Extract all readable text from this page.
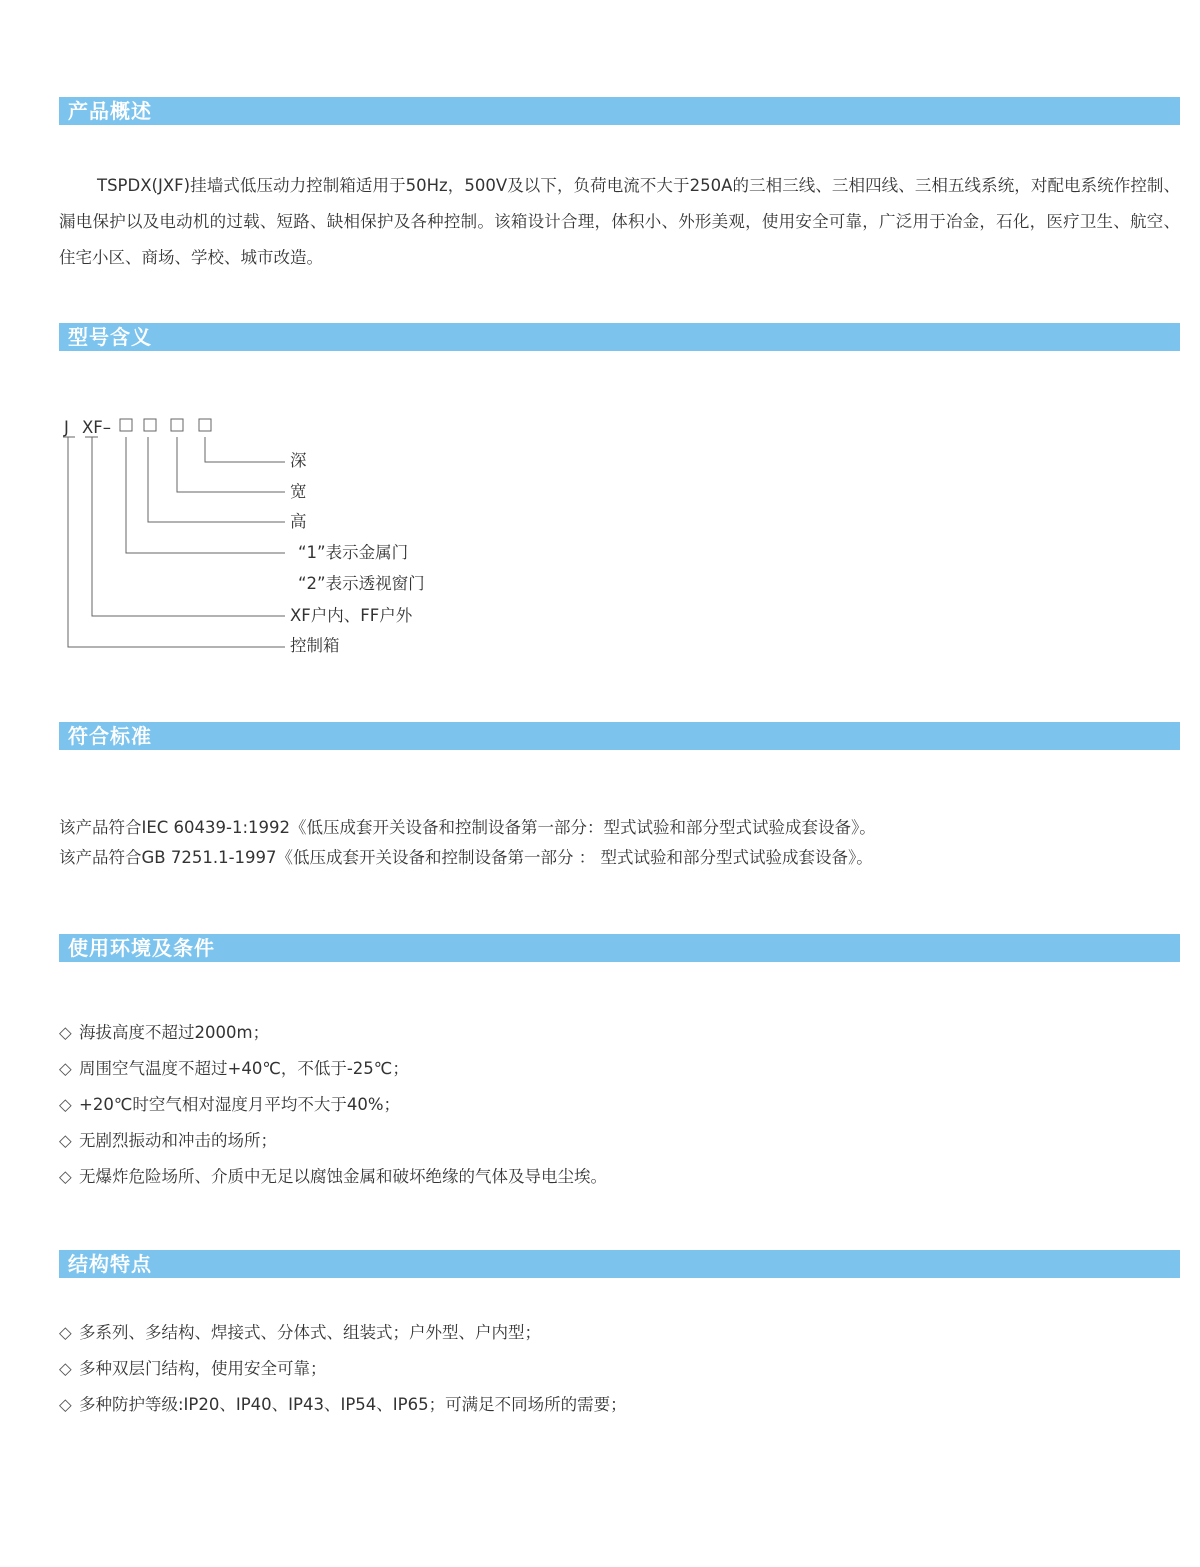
产品概述
TSPDX(JXF)挂墙式低压动力控制箱适用于50Hz，500V及以下，负荷电流不大于250A的三相三线、三相四线、三相五线系统，对配电系统作控制、漏电保护以及电动机的过载、短路、缺相保护及各种控制。该箱设计合理，体积小、外形美观，使用安全可靠，广泛用于冶金，石化，医疗卫生、航空、住宅小区、商场、学校、城市改造。
型号含义
J XF–
深
宽
高
“1”表示金属门
“2”表示透视窗门
XF户内、FF户外
控制箱
符合标准
该产品符合IEC 60439-1:1992《低压成套开关设备和控制设备第一部分：型式试验和部分型式试验成套设备》。
该产品符合GB 7251.1-1997《低压成套开关设备和控制设备第一部分 ： 型式试验和部分型式试验成套设备》。
使用环境及条件
◇ 海拔高度不超过2000m；
◇ 周围空气温度不超过+40℃，不低于-25℃；
◇ +20℃时空气相对湿度月平均不大于40%；
◇ 无剧烈振动和冲击的场所；
◇ 无爆炸危险场所、介质中无足以腐蚀金属和破坏绝缘的气体及导电尘埃。
结构特点
◇ 多系列、多结构、焊接式、分体式、组装式；户外型、户内型；
◇ 多种双层门结构，使用安全可靠；
◇ 多种防护等级:IP20、IP40、IP43、IP54、IP65；可满足不同场所的需要；
